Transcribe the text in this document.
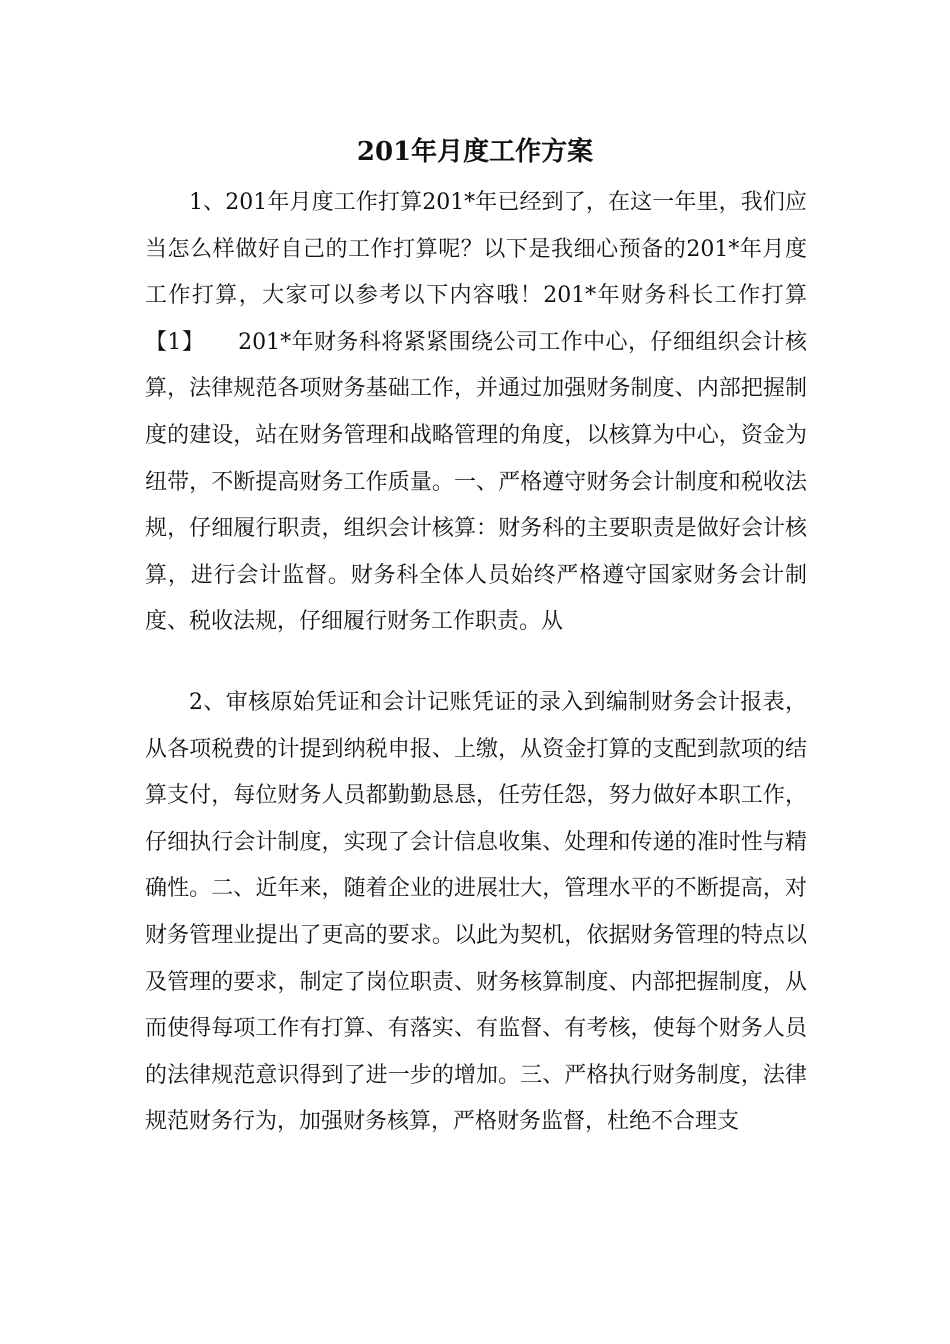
201年月度工作方案

1、201年月度工作打算201*年已经到了，在这一年里，我们应当怎么样做好自己的工作打算呢？以下是我细心预备的201*年月度工作打算，大家可以参考以下内容哦！201*年财务科长工作打算【1】　　201*年财务科将紧紧围绕公司工作中心，仔细组织会计核算，法律规范各项财务基础工作，并通过加强财务制度、内部把握制度的建设，站在财务管理和战略管理的角度，以核算为中心，资金为纽带，不断提高财务工作质量。一、严格遵守财务会计制度和税收法规，仔细履行职责，组织会计核算：财务科的主要职责是做好会计核算，进行会计监督。财务科全体人员始终严格遵守国家财务会计制度、税收法规，仔细履行财务工作职责。从

2、审核原始凭证和会计记账凭证的录入到编制财务会计报表，从各项税费的计提到纳税申报、上缴，从资金打算的支配到款项的结算支付，每位财务人员都勤勤恳恳，任劳任怨，努力做好本职工作，仔细执行会计制度，实现了会计信息收集、处理和传递的准时性与精确性。二、近年来，随着企业的进展壮大，管理水平的不断提高，对财务管理业提出了更高的要求。以此为契机，依据财务管理的特点以及管理的要求，制定了岗位职责、财务核算制度、内部把握制度，从而使得每项工作有打算、有落实、有监督、有考核，使每个财务人员的法律规范意识得到了进一步的增加。三、严格执行财务制度，法律规范财务行为，加强财务核算，严格财务监督，杜绝不合理支
